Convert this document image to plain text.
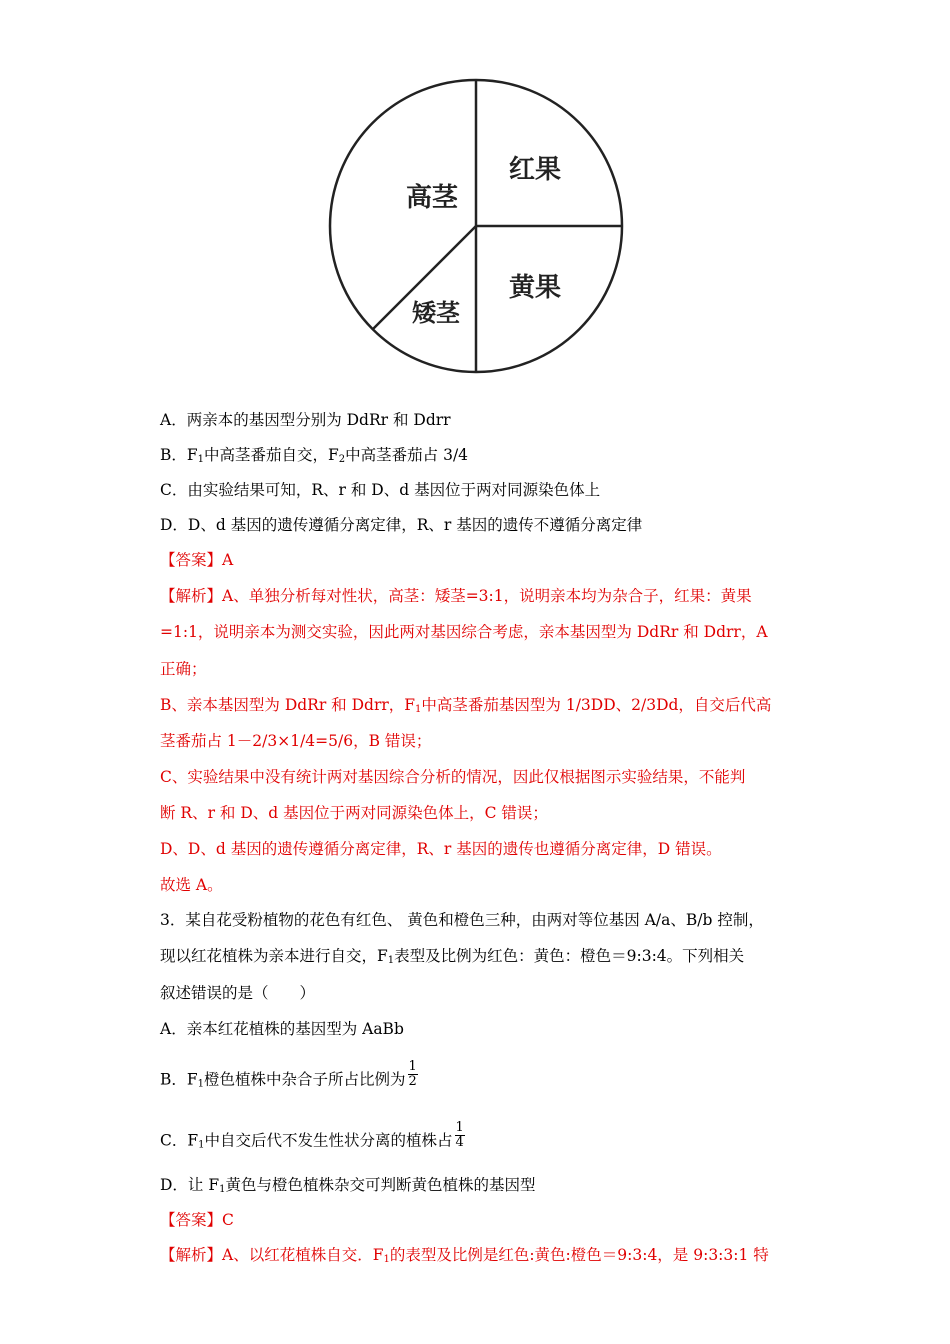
高茎
矮茎
红果
黄果
A．两亲本的基因型分别为 DdRr 和 Ddrr
B．$F_1$中高茎番茄自交，$F_2$中高茎番茄占 3/4
C．由实验结果可知，R、r 和 D、d 基因位于两对同源染色体上
D．D、d 基因的遗传遵循分离定律，R、r 基因的遗传不遵循分离定律
【答案】A
【解析】A、单独分析每对性状，高茎：矮茎=3:1，说明亲本均为杂合子，红果：黄果
=1:1，说明亲本为测交实验，因此两对基因综合考虑，亲本基因型为 DdRr 和 Ddrr，A
正确；
B、亲本基因型为 DdRr 和 Ddrr，$F_1$中高茎番茄基因型为 1/3DD、2/3Dd，自交后代高
茎番茄占 1－2/3×1/4=5/6，B 错误；
C、实验结果中没有统计两对基因综合分析的情况，因此仅根据图示实验结果，不能判
断 R、r 和 D、d 基因位于两对同源染色体上，C 错误；
D、D、d 基因的遗传遵循分离定律，R、r 基因的遗传也遵循分离定律，D 错误。
故选 A。
3．某自花受粉植物的花色有红色、 黄色和橙色三种，由两对等位基因 A/a、B/b 控制，
现以红花植株为亲本进行自交，$F_1$表型及比例为红色：黄色：橙色＝9:3:4。下列相关
叙述错误的是（　　）
A．亲本红花植株的基因型为 AaBb
B．$F_1$橙色植株中杂合子所占比例为 $\frac{1}{2}$
C．$F_1$中自交后代不发生性状分离的植株占 $\frac{1}{4}$
D．让 $F_1$黄色与橙色植株杂交可判断黄色植株的基因型
【答案】C
【解析】A、以红花植株自交．$F_1$的表型及比例是红色:黄色:橙色＝9:3:4，是 9:3:3:1 特
